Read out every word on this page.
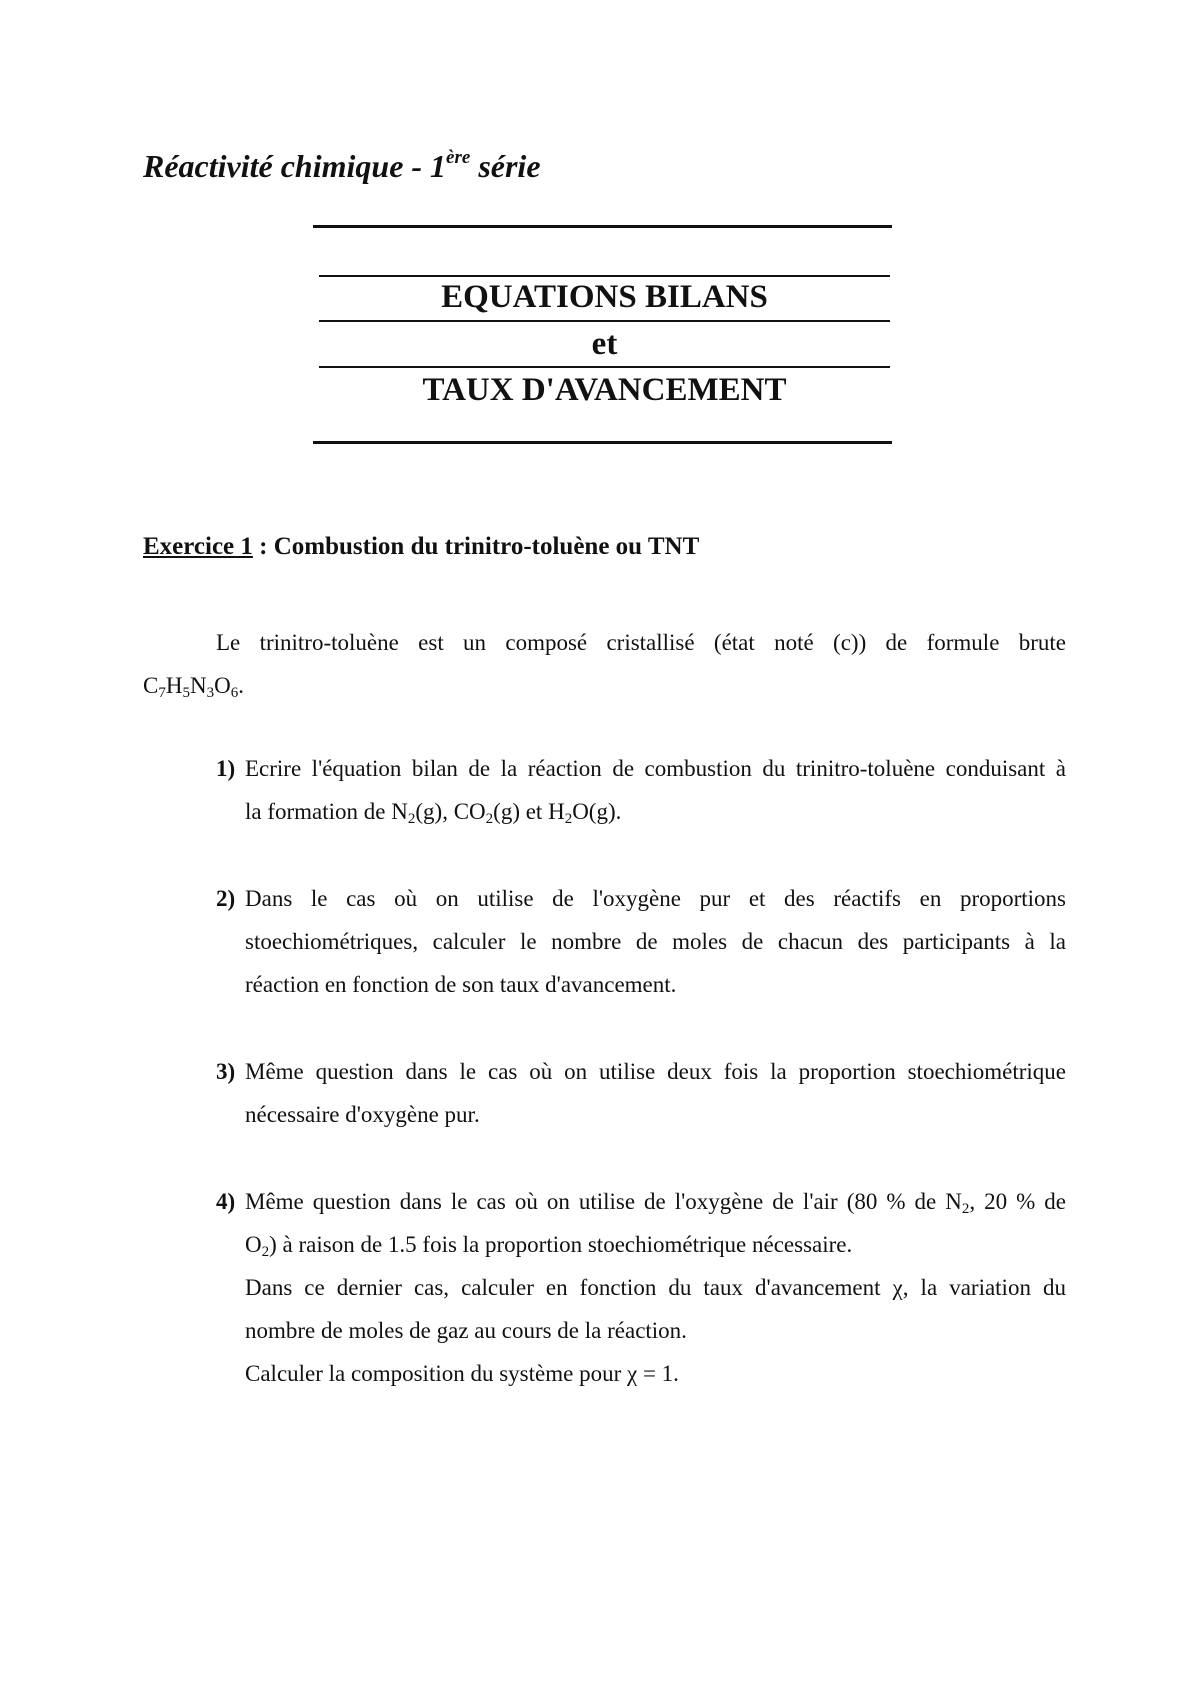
Réactivité chimique - 1ère série
EQUATIONS BILANS
et
TAUX D'AVANCEMENT
Exercice 1 : Combustion du trinitro-toluène ou TNT
Le trinitro-toluène est un composé cristallisé (état noté (c)) de formule brute
$C_7H_5N_3O_6$.
1) Ecrire l'équation bilan de la réaction de combustion du trinitro-toluène conduisant à
la formation de $N_2(g)$, $CO_2(g)$ et $H_2O(g)$.
2) Dans le cas où on utilise de l'oxygène pur et des réactifs en proportions
stoechiométriques, calculer le nombre de moles de chacun des participants à la
réaction en fonction de son taux d'avancement.
3) Même question dans le cas où on utilise deux fois la proportion stoechiométrique
nécessaire d'oxygène pur.
4) Même question dans le cas où on utilise de l'oxygène de l'air (80 % de $N_2$, 20 % de
$O_2$) à raison de 1.5 fois la proportion stoechiométrique nécessaire.
Dans ce dernier cas, calculer en fonction du taux d'avancement χ, la variation du
nombre de moles de gaz au cours de la réaction.
Calculer la composition du système pour χ = 1.
